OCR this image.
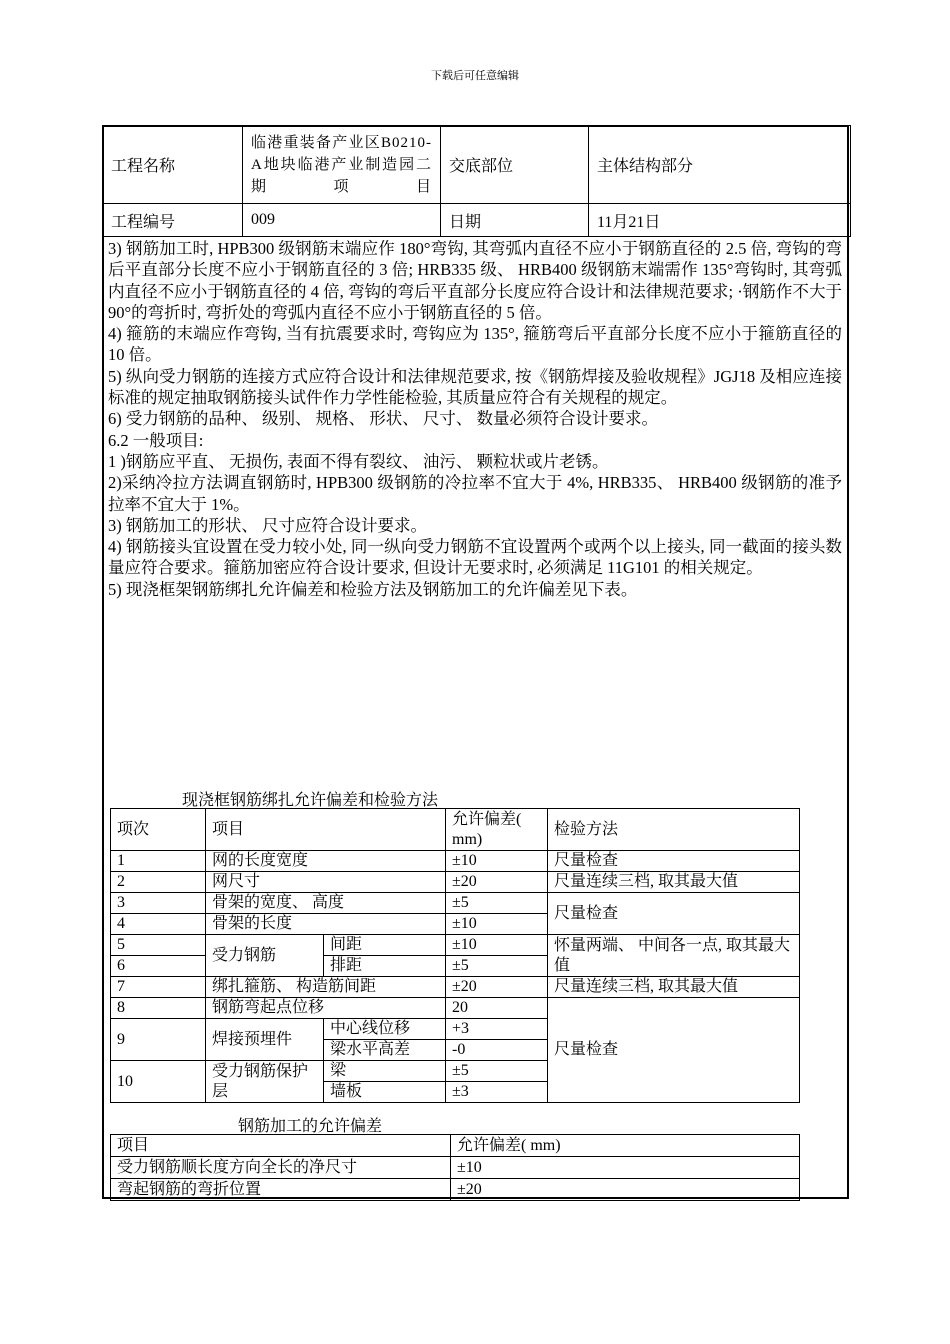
下载后可任意编辑
工程名称	临港重装备产业区B0210-A地块临港产业制造园二期项目	交底部位	主体结构部分
工程编号	009	日期	11月21日

3) 钢筋加工时, HPB300 级钢筋末端应作 180°弯钩, 其弯弧内直径不应小于钢筋直径的 2.5 倍, 弯钩的弯后平直部分长度不应小于钢筋直径的 3 倍; HRB335 级、 HRB400 级钢筋末端需作 135°弯钩时, 其弯弧内直径不应小于钢筋直径的 4 倍, 弯钩的弯后平直部分长度应符合设计和法律规范要求; ·钢筋作不大于 90°的弯折时, 弯折处的弯弧内直径不应小于钢筋直径的 5 倍。

4) 箍筋的末端应作弯钩, 当有抗震要求时, 弯钩应为 135°, 箍筋弯后平直部分长度不应小于箍筋直径的 10 倍。

5) 纵向受力钢筋的连接方式应符合设计和法律规范要求, 按《钢筋焊接及验收规程》JGJ18 及相应连接标准的规定抽取钢筋接头试件作力学性能检验, 其质量应符合有关规程的规定。

6) 受力钢筋的品种、 级别、 规格、 形状、 尺寸、 数量必须符合设计要求。

6.2 一般项目:

1 )钢筋应平直、 无损伤, 表面不得有裂纹、 油污、 颗粒状或片老锈。

2)采纳冷拉方法调直钢筋时, HPB300 级钢筋的冷拉率不宜大于 4%, HRB335、 HRB400 级钢筋的准予拉率不宜大于 1%。

3) 钢筋加工的形状、 尺寸应符合设计要求。

4) 钢筋接头宜设置在受力较小处, 同一纵向受力钢筋不宜设置两个或两个以上接头, 同一截面的接头数量应符合要求。箍筋加密应符合设计要求, 但设计无要求时, 必须满足 11G101 的相关规定。

5) 现浇框架钢筋绑扎允许偏差和检验方法及钢筋加工的允许偏差见下表。

现浇框钢筋绑扎允许偏差和检验方法
项次	项目		允许偏差( mm)	检验方法
1	网的长度宽度		±10	尺量检查
2	网尺寸		±20	尺量连续三档, 取其最大值
3	骨架的宽度、 高度		±5	尺量检查
4	骨架的长度		±10	
5	受力钢筋	间距	±10	怀量两端、 中间各一点, 取其最大值
6		排距	±5	
7	绑扎箍筋、 构造筋间距		±20	尺量连续三档, 取其最大值
8	钢筋弯起点位移		20	尺量检查
9	焊接预埋件	中心线位移	+3	
		梁水平高差	-0	
10	受力钢筋保护层	梁	±5	
		墙板	±3	
钢筋加工的允许偏差
项目	允许偏差( mm)
受力钢筋顺长度方向全长的净尺寸	±10
弯起钢筋的弯折位置	±20
